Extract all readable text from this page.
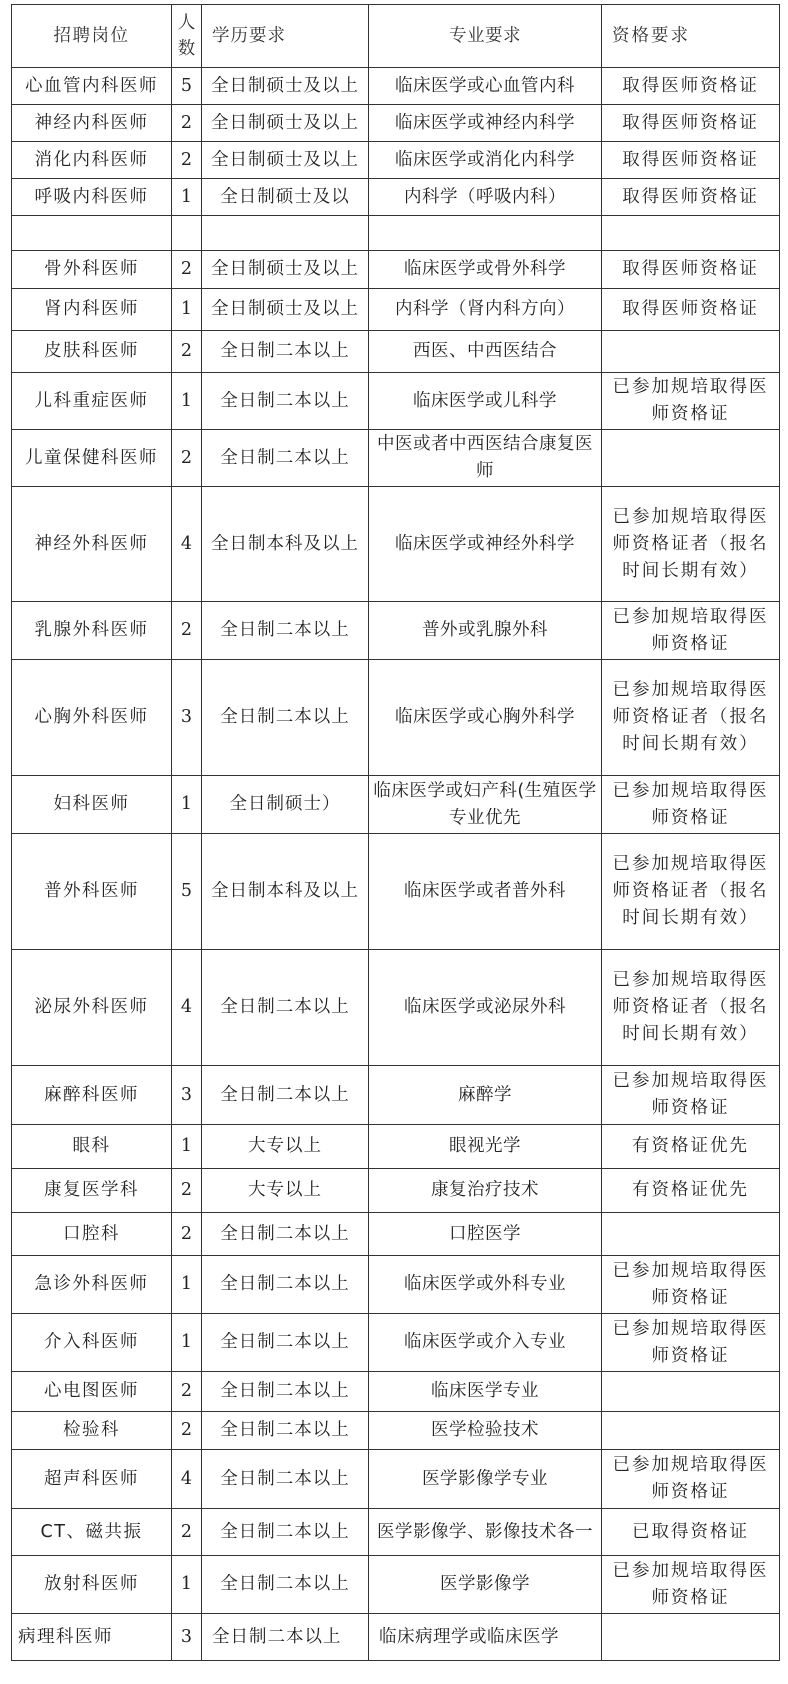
招聘岗位	人数	学历要求	专业要求	资格要求
心血管内科医师	5	全日制硕士及以上	临床医学或心血管内科	取得医师资格证
神经内科医师	2	全日制硕士及以上	临床医学或神经内科学	取得医师资格证
消化内科医师	2	全日制硕士及以上	临床医学或消化内科学	取得医师资格证
呼吸内科医师	1	全日制硕士及以	内科学（呼吸内科）	取得医师资格证

骨外科医师	2	全日制硕士及以上	临床医学或骨外科学	取得医师资格证
肾内科医师	1	全日制硕士及以上	内科学（肾内科方向）	取得医师资格证
皮肤科医师	2	全日制二本以上	西医、中西医结合	
儿科重症医师	1	全日制二本以上	临床医学或儿科学	已参加规培取得医师资格证
儿童保健科医师	2	全日制二本以上	中医或者中西医结合康复医师	
神经外科医师	4	全日制本科及以上	临床医学或神经外科学	已参加规培取得医师资格证者（报名时间长期有效）
乳腺外科医师	2	全日制二本以上	普外或乳腺外科	已参加规培取得医师资格证
心胸外科医师	3	全日制二本以上	临床医学或心胸外科学	已参加规培取得医师资格证者（报名时间长期有效）
妇科医师	1	全日制硕士）	临床医学或妇产科(生殖医学专业优先	已参加规培取得医师资格证
普外科医师	5	全日制本科及以上	临床医学或者普外科	已参加规培取得医师资格证者（报名时间长期有效）
泌尿外科医师	4	全日制二本以上	临床医学或泌尿外科	已参加规培取得医师资格证者（报名时间长期有效）
麻醉科医师	3	全日制二本以上	麻醉学	已参加规培取得医师资格证
眼科	1	大专以上	眼视光学	有资格证优先
康复医学科	2	大专以上	康复治疗技术	有资格证优先
口腔科	2	全日制二本以上	口腔医学	
急诊外科医师	1	全日制二本以上	临床医学或外科专业	已参加规培取得医师资格证
介入科医师	1	全日制二本以上	临床医学或介入专业	已参加规培取得医师资格证
心电图医师	2	全日制二本以上	临床医学专业	
检验科	2	全日制二本以上	医学检验技术	
超声科医师	4	全日制二本以上	医学影像学专业	已参加规培取得医师资格证
CT、磁共振	2	全日制二本以上	医学影像学、影像技术各一	已取得资格证
放射科医师	1	全日制二本以上	医学影像学	已参加规培取得医师资格证
病理科医师	3	全日制二本以上	临床病理学或临床医学	
